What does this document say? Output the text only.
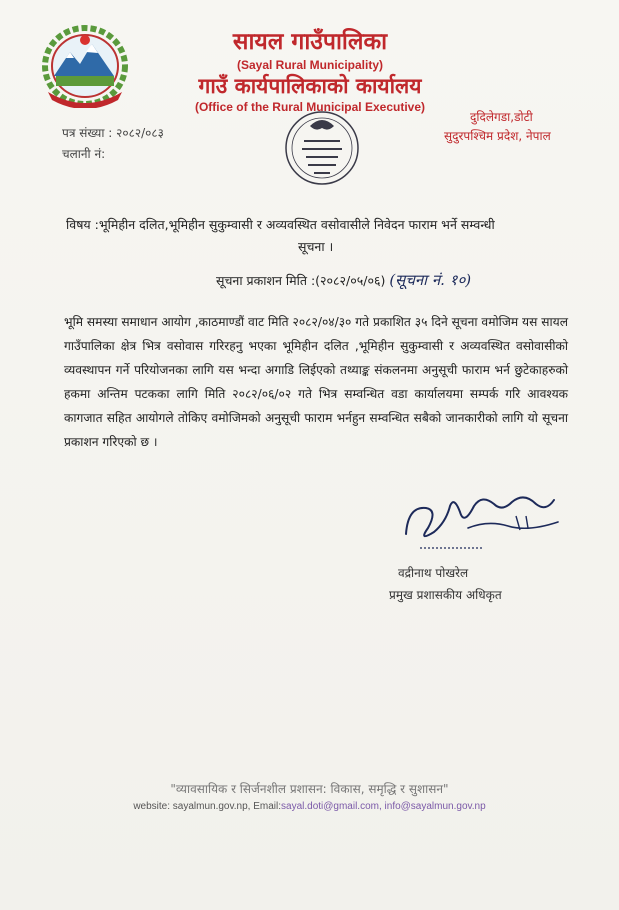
सायल गाउँपालिका
(Sayal Rural Municipality)
गाउँ कार्यपालिकाको कार्यालय
(Office of the Rural Municipal Executive)
पत्र संख्या : २०८२/०८३
चलानी नं:
दुदिलेगडा,डोटी
सुदुरपश्चिम प्रदेश, नेपाल
विषय :भूमिहीन दलित,भूमिहीन सुकुम्वासी र अव्यवस्थित वसोवासीले निवेदन फाराम भर्ने सम्वन्धी
सूचना ।
सूचना प्रकाशन मिति :(२०८२/०५/०६) (सूचना नं. १०)
भूमि समस्या समाधान आयोग ,काठमाण्डौं वाट मिति २०८२/०४/३० गते प्रकाशित ३५ दिने सूचना वमोजिम यस सायल गाउँपालिका क्षेत्र भित्र वसोवास गरिरहनु भएका भूमिहीन दलित ,भूमिहीन सुकुम्वासी र अव्यवस्थित वसोवासीको व्यवस्थापन गर्ने परियोजनका लागि यस भन्दा अगाडि लिईएको तथ्याङ्क संकलनमा अनुसूची फाराम भर्न छुटेकाहरुको हकमा अन्तिम पटकका लागि मिति २०८२/०६/०२ गते भित्र सम्वन्धित वडा कार्यालयमा सम्पर्क गरि आवश्यक कागजात सहित आयोगले तोकिए वमोजिमको अनुसूची फाराम भर्नहुन सम्वन्धित सबैको जानकारीको लागि यो सूचना प्रकाशन गरिएको छ ।
वद्रीनाथ पोखरेल
प्रमुख प्रशासकीय अधिकृत
"व्यावसायिक र सिर्जनशील प्रशासन: विकास, समृद्धि र सुशासन"
website: sayalmun.gov.np, Email:sayal.doti@gmail.com, info@sayalmun.gov.np
